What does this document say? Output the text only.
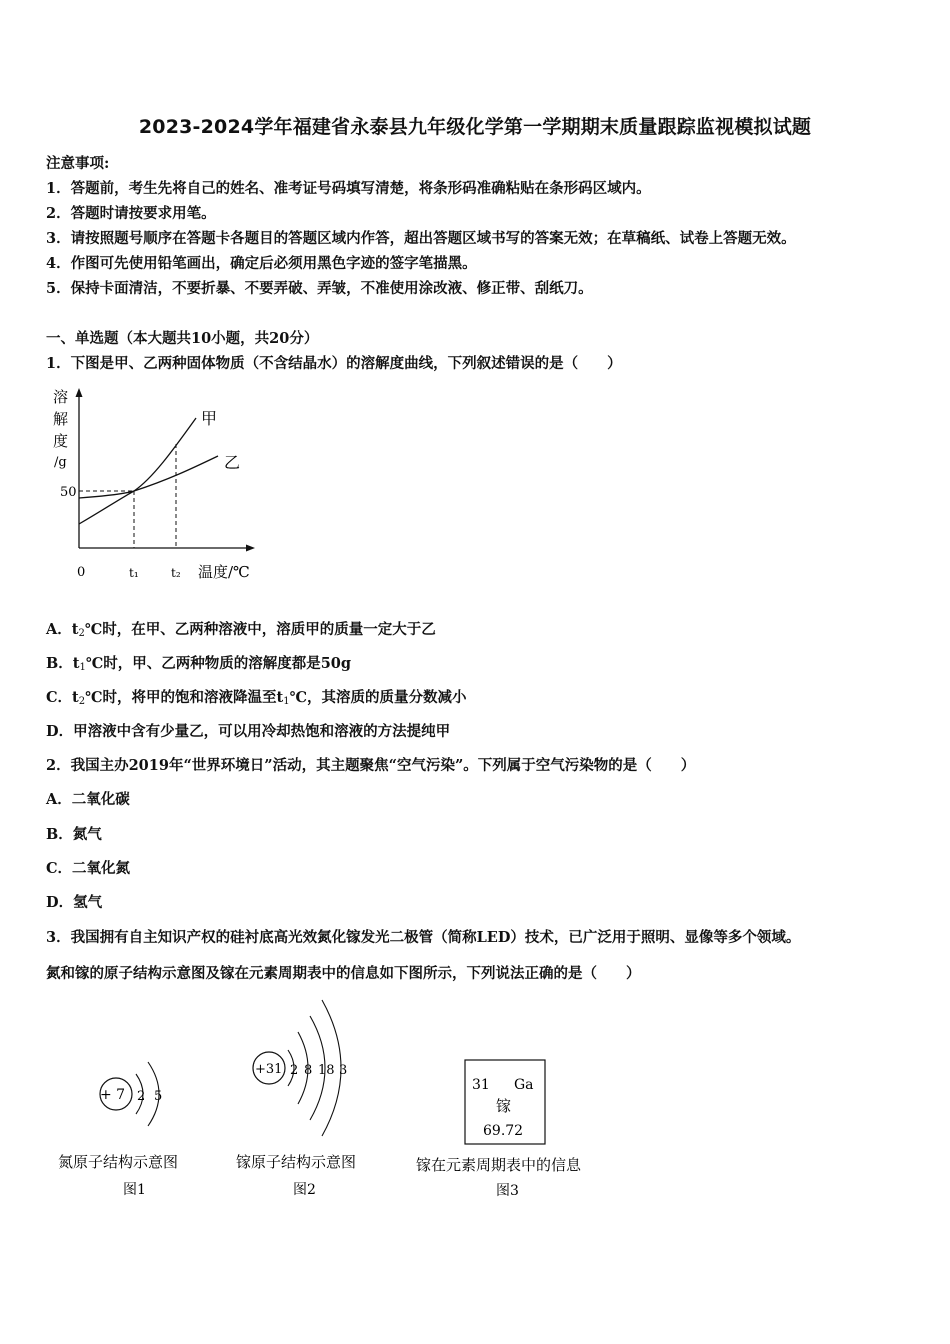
2023-2024学年福建省永泰县九年级化学第一学期期末质量跟踪监视模拟试题
注意事项:
1．答题前，考生先将自己的姓名、准考证号码填写清楚，将条形码准确粘贴在条形码区域内。
2．答题时请按要求用笔。
3．请按照题号顺序在答题卡各题目的答题区域内作答，超出答题区域书写的答案无效；在草稿纸、试卷上答题无效。
4．作图可先使用铅笔画出，确定后必须用黑色字迹的签字笔描黑。
5．保持卡面清洁，不要折暴、不要弄破、弄皱，不准使用涂改液、修正带、刮纸刀。
一、单选题（本大题共10小题，共20分）
1．下图是甲、乙两种固体物质（不含结晶水）的溶解度曲线，下列叙述错误的是（　　）
溶
解
度
/g
甲
乙
50
0	t₁	t₂ 温度/℃
A．$t_2℃$时，在甲、乙两种溶液中，溶质甲的质量一定大于乙
B．$t_1℃$时，甲、乙两种物质的溶解度都是50g
C．$t_2℃$时，将甲的饱和溶液降温至$t_1℃$，其溶质的质量分数减小
D．甲溶液中含有少量乙，可以用冷却热饱和溶液的方法提纯甲
2．我国主办2019年“世界环境日”活动，其主题聚焦“空气污染”。下列属于空气污染物的是（　　）
A．二氧化碳
B．氮气
C．二氧化氮
D．氢气
3．我国拥有自主知识产权的硅衬底高光效氮化镓发光二极管（简称LED）技术，已广泛用于照明、显像等多个领域。
氮和镓的原子结构示意图及镓在元素周期表中的信息如下图所示，下列说法正确的是（　　）
+ 7 2 5
氮原子结构示意图
图1
+31 2 8 18 3
镓原子结构示意图
图2
31 Ga
镓
69.72
镓在元素周期表中的信息
图3
